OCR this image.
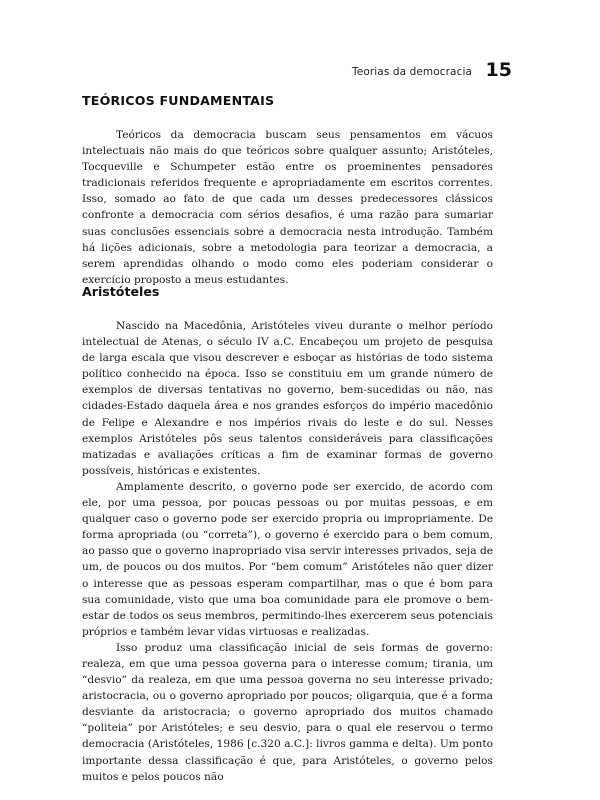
Teorias da democracia 15
TEÓRICOS FUNDAMENTAIS

Teóricos da democracia buscam seus pensamentos em vácuos intelectuais não mais do que teóricos sobre qualquer assunto; Aristóteles, Tocqueville e Schumpeter estão entre os proeminentes pensadores tradicionais referidos frequente e apropriadamente em escritos correntes. Isso, somado ao fato de que cada um desses predecessores clássicos confronte a democracia com sérios desafios, é uma razão para sumariar suas conclusões essenciais sobre a democracia nesta introdução. Também há lições adicionais, sobre a metodologia para teorizar a democracia, a serem aprendidas olhando o modo como eles poderiam considerar o exercício proposto a meus estudantes.

Aristóteles

Nascido na Macedônia, Aristóteles viveu durante o melhor período intelectual de Atenas, o século IV a.C. Encabeçou um projeto de pesquisa de larga escala que visou descrever e esboçar as histórias de todo sistema político conhecido na época. Isso se constituiu em um grande número de exemplos de diversas tentativas no governo, bem-sucedidas ou não, nas cidades-Estado daquela área e nos grandes esforços do império macedônio de Felipe e Alexandre e nos impérios rivais do leste e do sul. Nesses exemplos Aristóteles pôs seus talentos consideráveis para classificações matizadas e avaliações críticas a fim de examinar formas de governo possíveis, históricas e existentes.

Amplamente descrito, o governo pode ser exercido, de acordo com ele, por uma pessoa, por poucas pessoas ou por muitas pessoas, e em qualquer caso o governo pode ser exercido propria ou impropriamente. De forma apropriada (ou “correta”), o governo é exercido para o bem comum, ao passo que o governo inapropriado visa servir interesses privados, seja de um, de poucos ou dos muitos. Por “bem comum” Aristóteles não quer dizer o interesse que as pessoas esperam compartilhar, mas o que é bom para sua comunidade, visto que uma boa comunidade para ele promove o bem-estar de todos os seus membros, permitindo-lhes exercerem seus potenciais próprios e também levar vidas virtuosas e realizadas.

Isso produz uma classificação inicial de seis formas de governo: realeza, em que uma pessoa governa para o interesse comum; tirania, um “desvio” da realeza, em que uma pessoa governa no seu interesse privado; aristocracia, ou o governo apropriado por poucos; oligarquia, que é a forma desviante da aristocracia; o governo apropriado dos muitos chamado “politeia” por Aristóteles; e seu desvio, para o qual ele reservou o termo democracia (Aristóteles, 1986 [c.320 a.C.]: livros gamma e delta). Um ponto importante dessa classificação é que, para Aristóteles, o governo pelos muitos e pelos poucos não
